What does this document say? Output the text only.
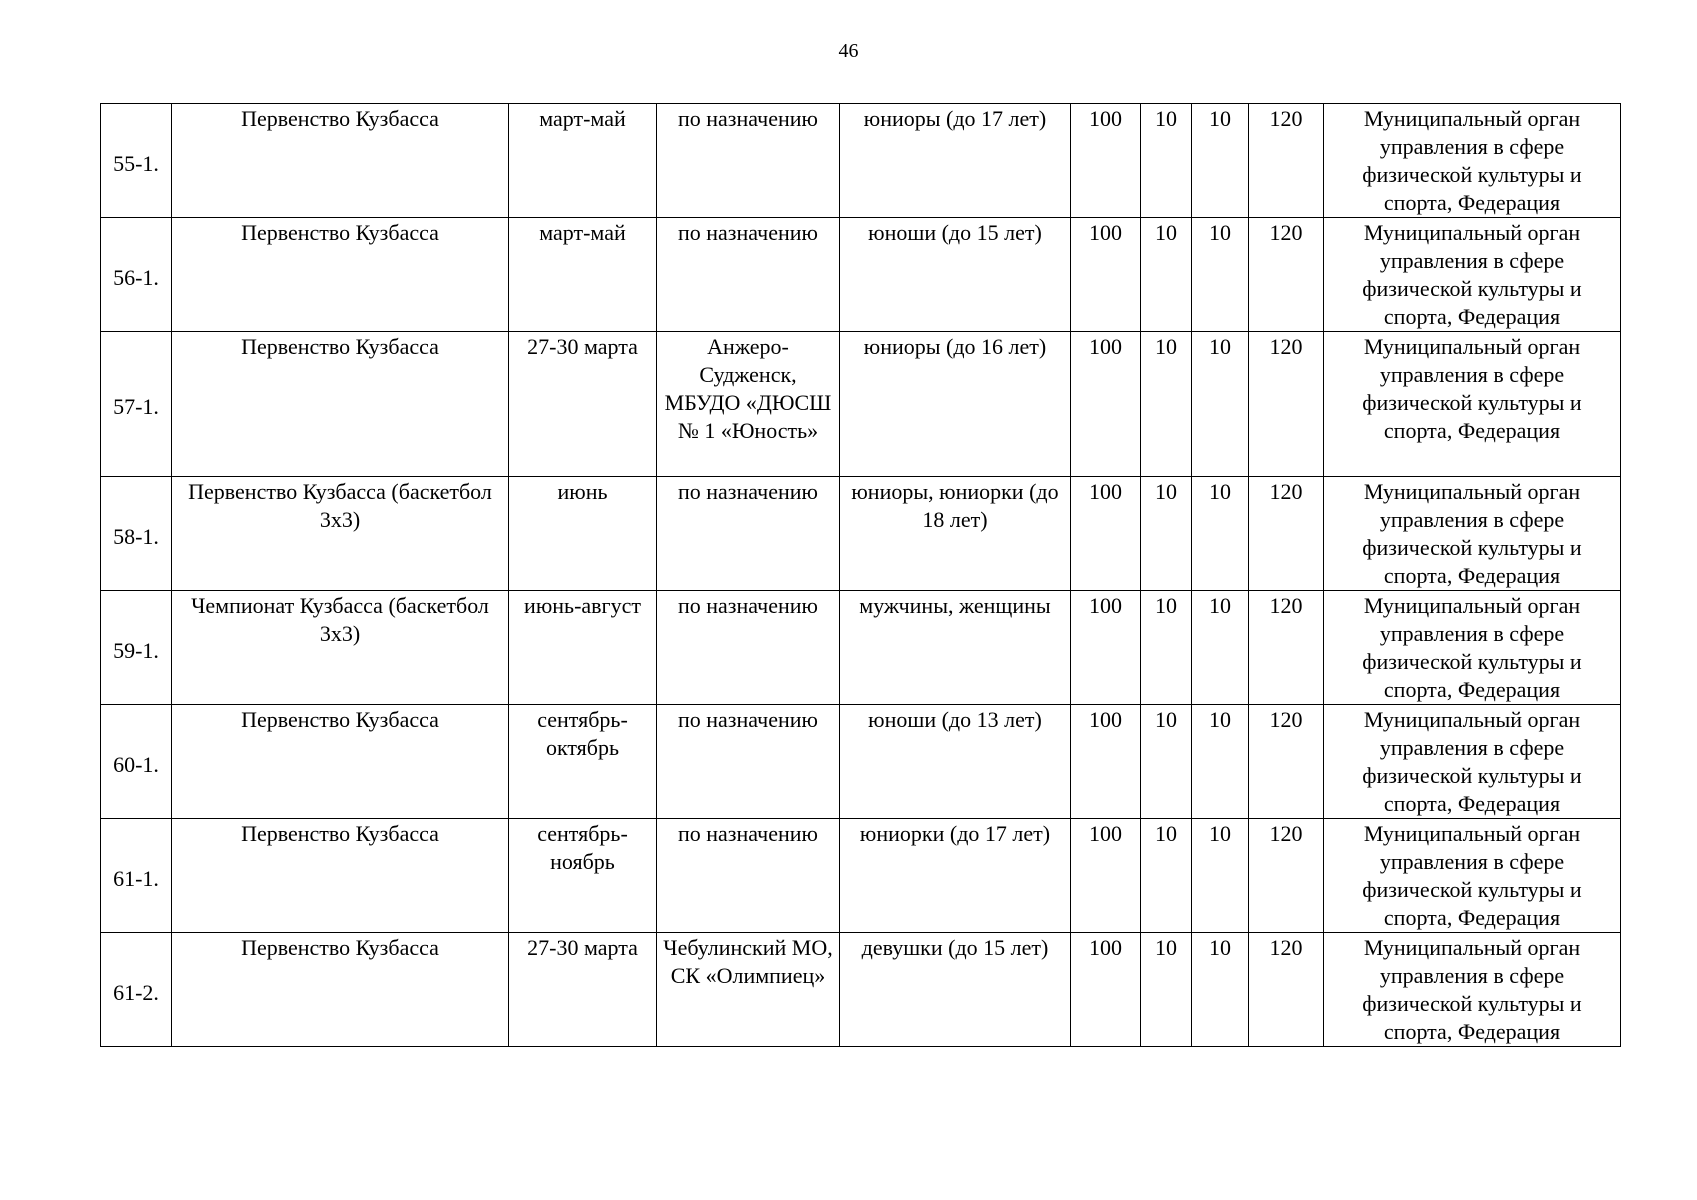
46
55-1.	Первенство Кузбасса	март-май	по назначению	юниоры (до 17 лет)	100	10	10	120	Муниципальный орган управления в сфере физической культуры и спорта, Федерация
56-1.	Первенство Кузбасса	март-май	по назначению	юноши (до 15 лет)	100	10	10	120	Муниципальный орган управления в сфере физической культуры и спорта, Федерация
57-1.	Первенство Кузбасса	27-30 марта	Анжеро-Судженск, МБУДО «ДЮСШ № 1 «Юность»	юниоры (до 16 лет)	100	10	10	120	Муниципальный орган управления в сфере физической культуры и спорта, Федерация
58-1.	Первенство Кузбасса (баскетбол 3х3)	июнь	по назначению	юниоры, юниорки (до 18 лет)	100	10	10	120	Муниципальный орган управления в сфере физической культуры и спорта, Федерация
59-1.	Чемпионат Кузбасса (баскетбол 3х3)	июнь-август	по назначению	мужчины, женщины	100	10	10	120	Муниципальный орган управления в сфере физической культуры и спорта, Федерация
60-1.	Первенство Кузбасса	сентябрь-октябрь	по назначению	юноши (до 13 лет)	100	10	10	120	Муниципальный орган управления в сфере физической культуры и спорта, Федерация
61-1.	Первенство Кузбасса	сентябрь-ноябрь	по назначению	юниорки (до 17 лет)	100	10	10	120	Муниципальный орган управления в сфере физической культуры и спорта, Федерация
61-2.	Первенство Кузбасса	27-30 марта	Чебулинский МО, СК «Олимпиец»	девушки (до 15 лет)	100	10	10	120	Муниципальный орган управления в сфере физической культуры и спорта, Федерация
